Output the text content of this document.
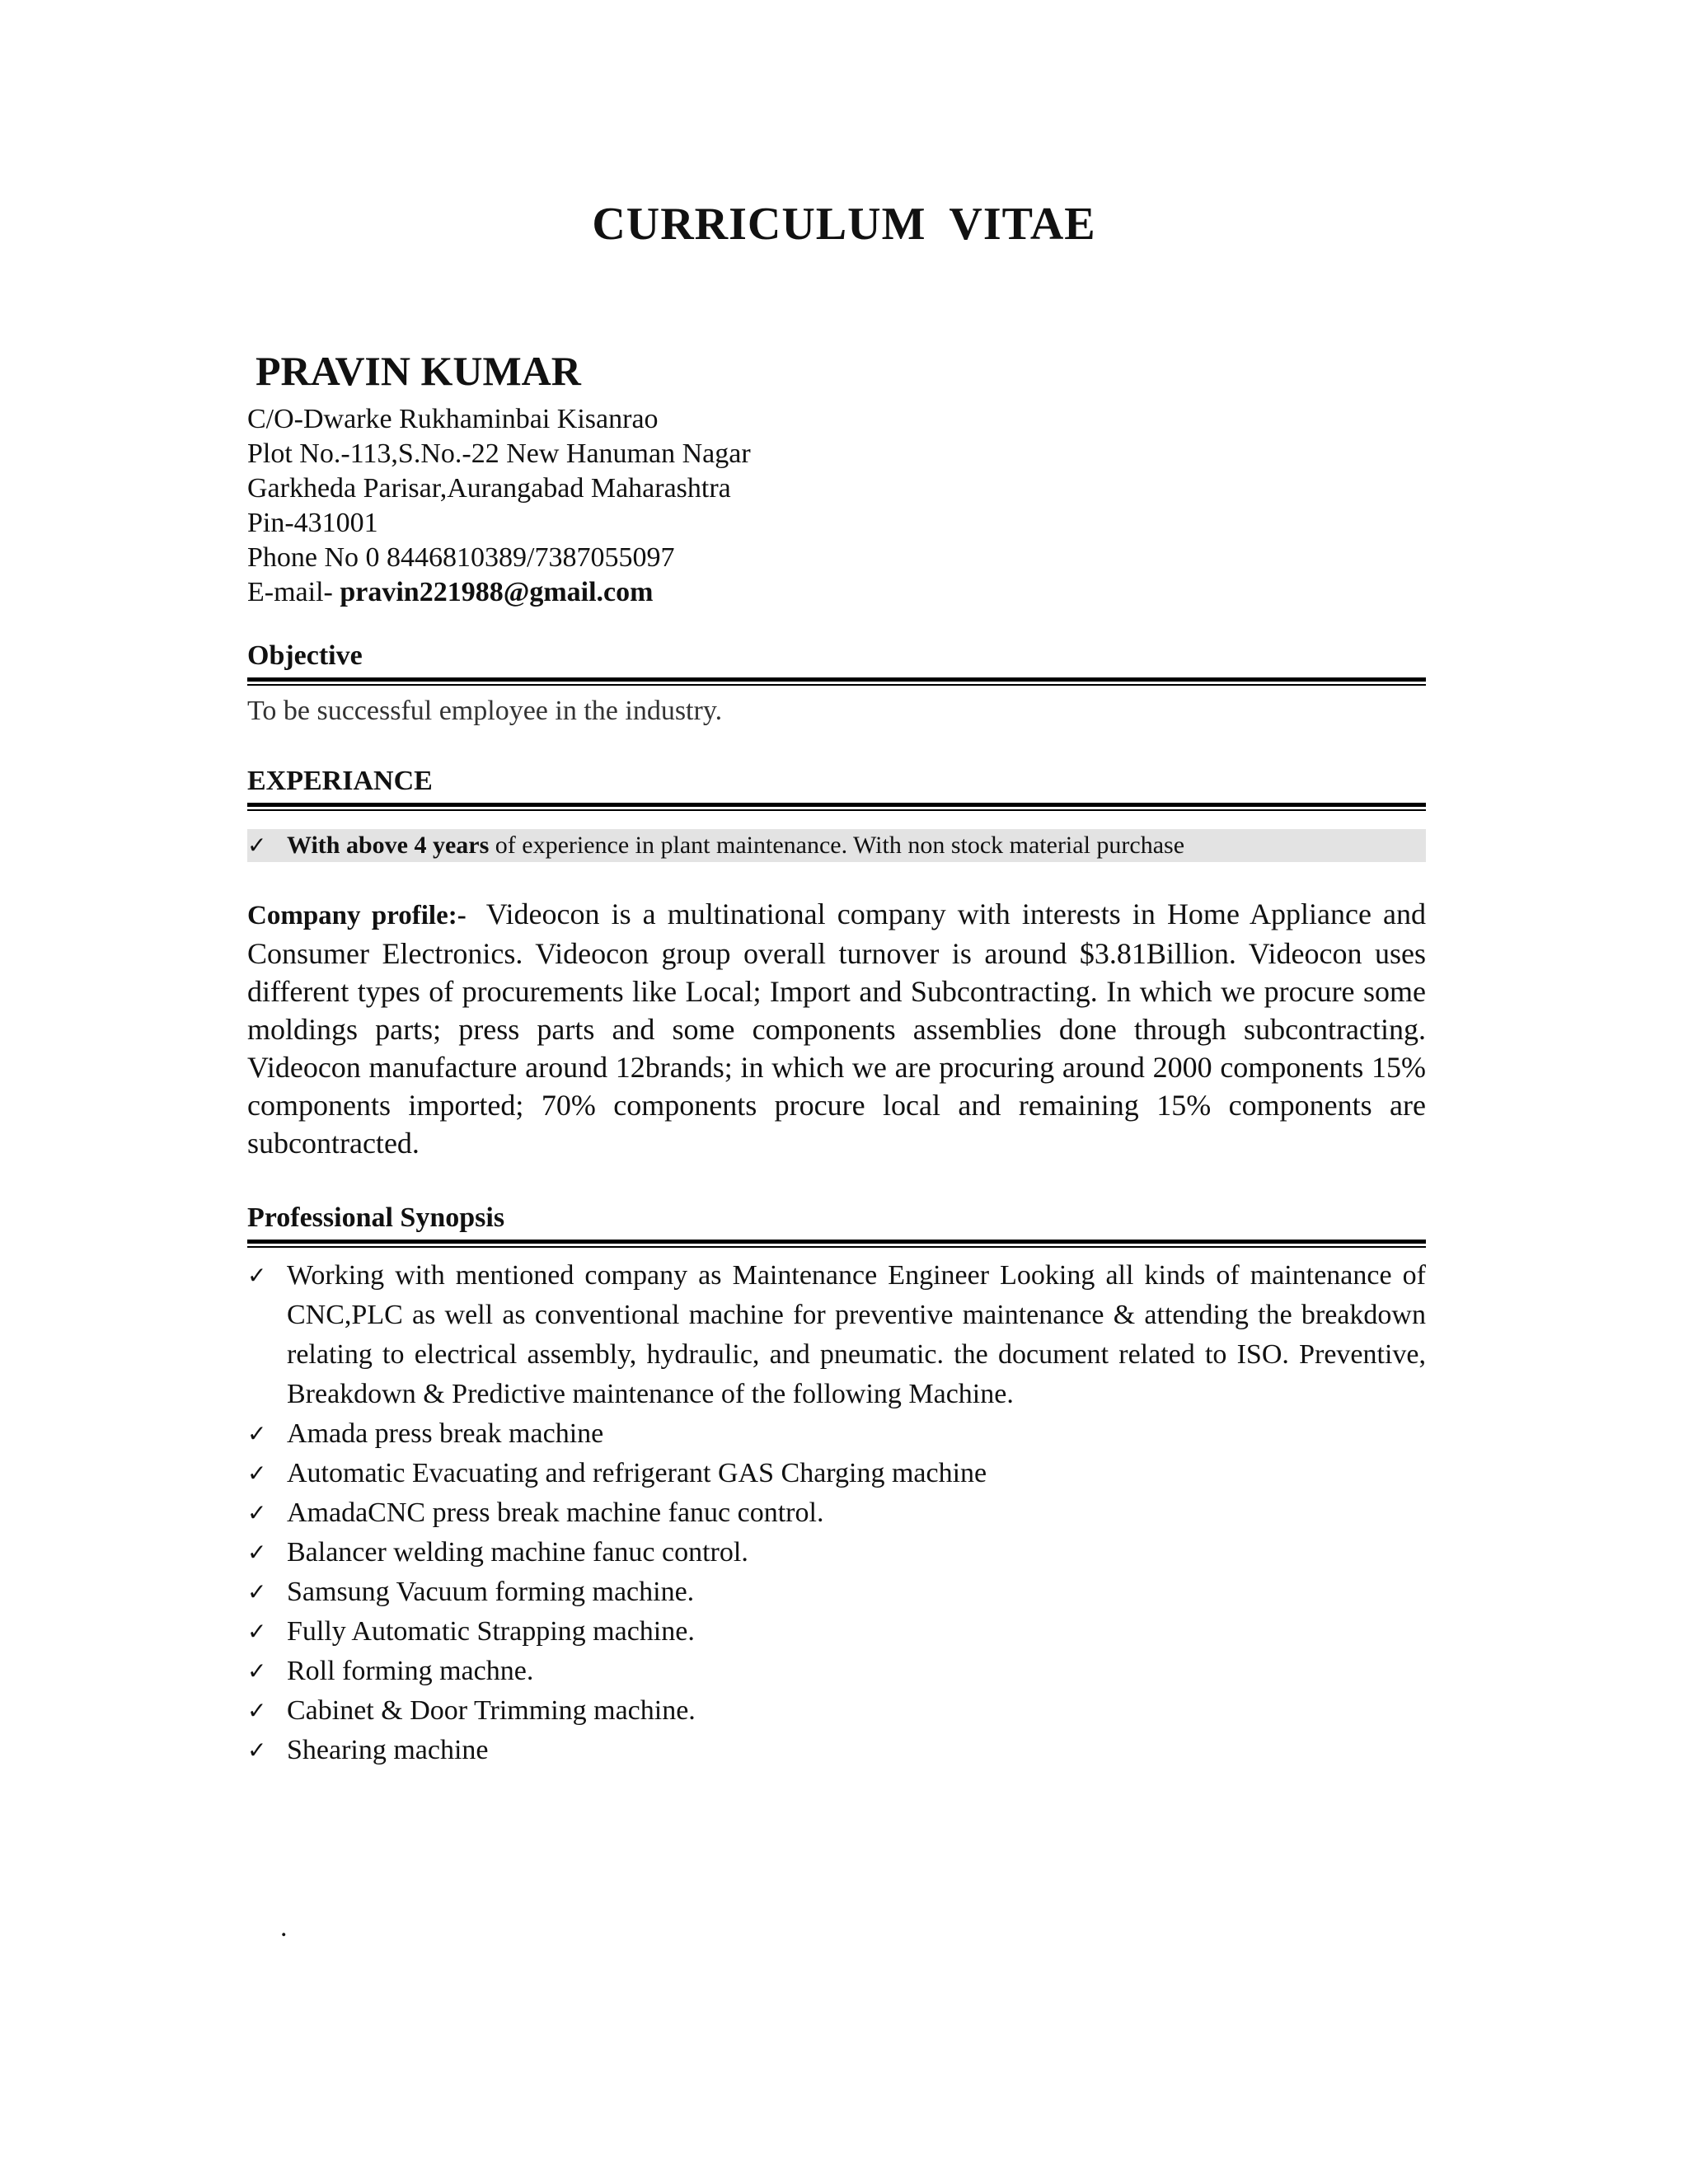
CURRICULUM VITAE
PRAVIN KUMAR
C/O-Dwarke Rukhaminbai Kisanrao
Plot No.-113,S.No.-22 New Hanuman Nagar
Garkheda Parisar,Aurangabad Maharashtra
Pin-431001
Phone No 0 8446810389/7387055097
E-mail- pravin221988@gmail.com
Objective
To be successful employee in the industry.
EXPERIANCE
✓ With above 4 years of experience in plant maintenance. With non stock material purchase
Company profile:- Videocon is a multinational company with interests in Home Appliance and Consumer Electronics. Videocon group overall turnover is around $3.81Billion. Videocon uses different types of procurements like Local; Import and Subcontracting. In which we procure some moldings parts; press parts and some components assemblies done through subcontracting. Videocon manufacture around 12brands; in which we are procuring around 2000 components 15% components imported; 70% components procure local and remaining 15% components are subcontracted.
Professional Synopsis
✓ Working with mentioned company as Maintenance Engineer Looking all kinds of maintenance of CNC,PLC as well as conventional machine for preventive maintenance & attending the breakdown relating to electrical assembly, hydraulic, and pneumatic. the document related to ISO. Preventive, Breakdown & Predictive maintenance of the following Machine.
✓ Amada press break machine
✓ Automatic Evacuating and refrigerant GAS Charging machine
✓ AmadaCNC press break machine fanuc control.
✓ Balancer welding machine fanuc control.
✓ Samsung Vacuum forming machine.
✓ Fully Automatic Strapping machine.
✓ Roll forming machne.
✓ Cabinet & Door Trimming machine.
✓ Shearing machine
.
